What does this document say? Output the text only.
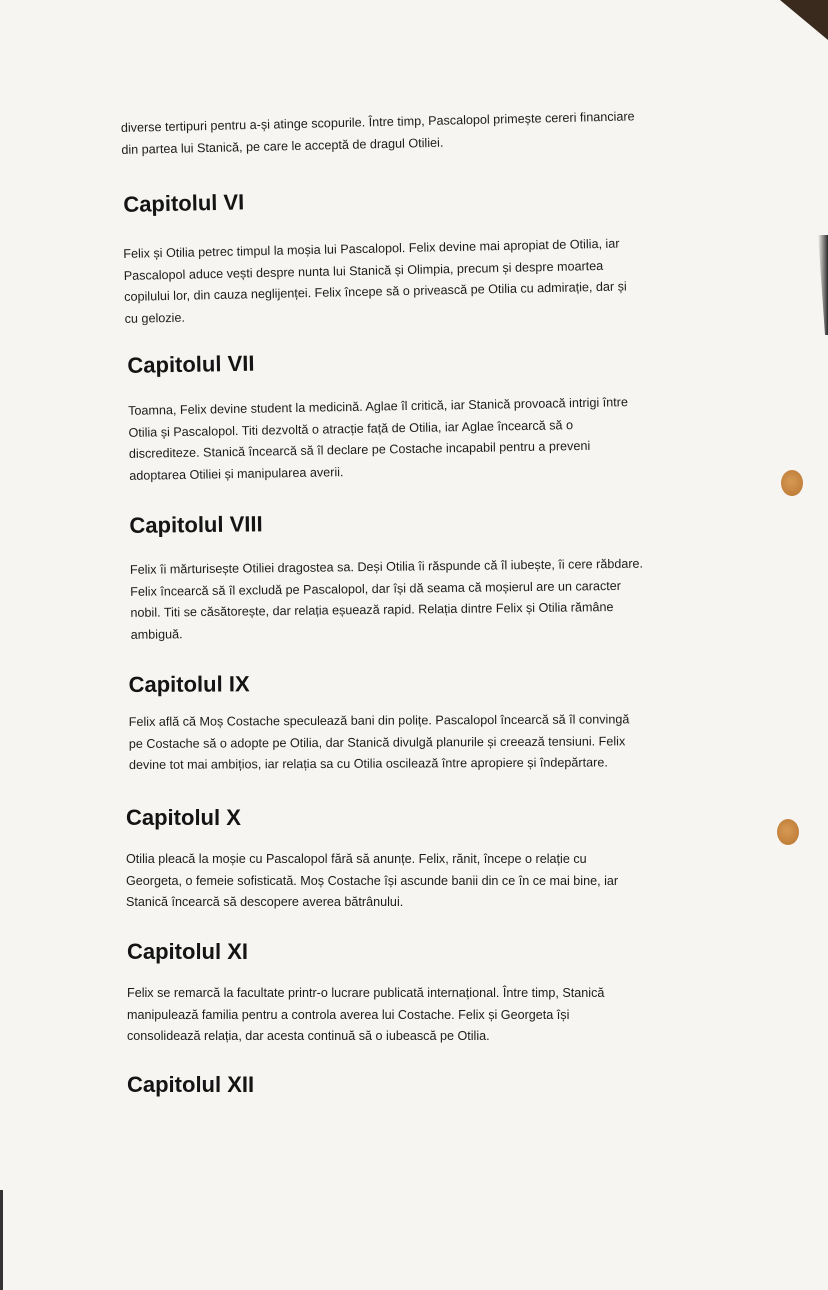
diverse tertipuri pentru a-și atinge scopurile. Între timp, Pascalopol primește cereri financiare
din partea lui Stanică, pe care le acceptă de dragul Otiliei.
Capitolul VI
Felix și Otilia petrec timpul la moșia lui Pascalopol. Felix devine mai apropiat de Otilia, iar
Pascalopol aduce vești despre nunta lui Stanică și Olimpia, precum și despre moartea
copilului lor, din cauza neglijenței. Felix începe să o privească pe Otilia cu admirație, dar și
cu gelozie.
Capitolul VII
Toamna, Felix devine student la medicină. Aglae îl critică, iar Stanică provoacă intrigi între
Otilia și Pascalopol. Titi dezvoltă o atracție față de Otilia, iar Aglae încearcă să o
discrediteze. Stanică încearcă să îl declare pe Costache incapabil pentru a preveni
adoptarea Otiliei și manipularea averii.
Capitolul VIII
Felix îi mărturisește Otiliei dragostea sa. Deși Otilia îi răspunde că îl iubește, îi cere răbdare.
Felix încearcă să îl excludă pe Pascalopol, dar își dă seama că moșierul are un caracter
nobil. Titi se căsătorește, dar relația eșuează rapid. Relația dintre Felix și Otilia rămâne
ambiguă.
Capitolul IX
Felix află că Moș Costache speculează bani din polițe. Pascalopol încearcă să îl convingă
pe Costache să o adopte pe Otilia, dar Stanică divulgă planurile și creează tensiuni. Felix
devine tot mai ambițios, iar relația sa cu Otilia oscilează între apropiere și îndepărtare.
Capitolul X
Otilia pleacă la moșie cu Pascalopol fără să anunțe. Felix, rănit, începe o relație cu
Georgeta, o femeie sofisticată. Moș Costache își ascunde banii din ce în ce mai bine, iar
Stanică încearcă să descopere averea bătrânului.
Capitolul XI
Felix se remarcă la facultate printr-o lucrare publicată internațional. Între timp, Stanică
manipulează familia pentru a controla averea lui Costache. Felix și Georgeta își
consolidează relația, dar acesta continuă să o iubească pe Otilia.
Capitolul XII
